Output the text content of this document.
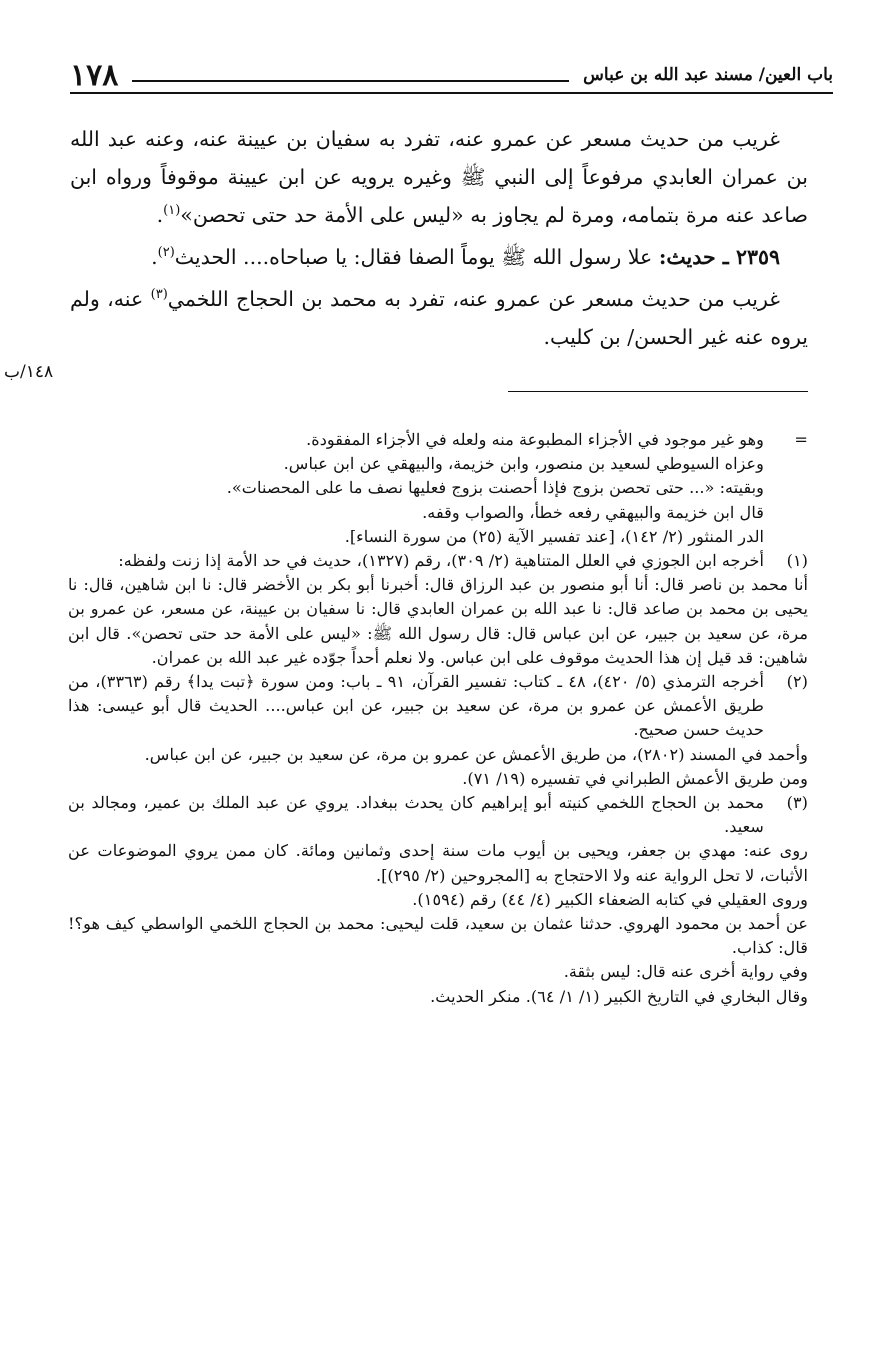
١٧٨	باب العين/ مسند عبد الله بن عباس

غريب من حديث مسعر عن عمرو عنه، تفرد به سفيان بن عيينة عنه، وعنه عبد الله بن عمران العابدي مرفوعاً إلى النبي ﷺ وغيره يرويه عن ابن عيينة موقوفاً ورواه ابن صاعد عنه مرة بتمامه، ومرة لم يجاوز به «ليس على الأمة حد حتى تحصن»$^{(١)}$.

٢٣٥٩ ـ حديث: علا رسول الله ﷺ يوماً الصفا فقال: يا صباحاه.... الحديث$^{(٢)}$.

غريب من حديث مسعر عن عمرو عنه، تفرد به محمد بن الحجاج اللخمي$^{(٣)}$ عنه، ولم يروه عنه غير الحسن/ بن كليب.

١٤٨/ب
=
وهو غير موجود في الأجزاء المطبوعة منه ولعله في الأجزاء المفقودة.
وعزاه السيوطي لسعيد بن منصور، وابن خزيمة، والبيهقي عن ابن عباس.
وبقيته: «... حتى تحصن بزوج فإذا أحصنت بزوج فعليها نصف ما على المحصنات».
قال ابن خزيمة والبيهقي رفعه خطأ، والصواب وقفه.
الدر المنثور (٢/ ١٤٢)، [عند تفسير الآية (٢٥) من سورة النساء].
(١)
أخرجه ابن الجوزي في العلل المتناهية (٢/ ٣٠٩)، رقم (١٣٢٧)، حديث في حد الأمة إذا زنت ولفظه:
أنا محمد بن ناصر قال: أنا أبو منصور بن عبد الرزاق قال: أخبرنا أبو بكر بن الأخضر قال: نا ابن شاهين، قال: نا يحيى بن محمد بن صاعد قال: نا عبد الله بن عمران العابدي قال: نا سفيان بن عيينة، عن مسعر، عن عمرو بن مرة، عن سعيد بن جبير، عن ابن عباس قال: قال رسول الله ﷺ: «ليس على الأمة حد حتى تحصن». قال ابن شاهين: قد قيل إن هذا الحديث موقوف على ابن عباس. ولا نعلم أحداً جوّده غير عبد الله بن عمران.
(٢)
أخرجه الترمذي (٥/ ٤٢٠)، ٤٨ ـ كتاب: تفسير القرآن، ٩١ ـ باب: ومن سورة ﴿تبت يدا﴾ رقم (٣٣٦٣)، من طريق الأعمش عن عمرو بن مرة، عن سعيد بن جبير، عن ابن عباس.... الحديث قال أبو عيسى: هذا حديث حسن صحيح.
وأحمد في المسند (٢٨٠٢)، من طريق الأعمش عن عمرو بن مرة، عن سعيد بن جبير، عن ابن عباس.
ومن طريق الأعمش الطبراني في تفسيره (١٩/ ٧١).
(٣)
محمد بن الحجاج اللخمي كنيته أبو إبراهيم كان يحدث ببغداد. يروي عن عبد الملك بن عمير، ومجالد بن سعيد.
روى عنه: مهدي بن جعفر، ويحيى بن أيوب مات سنة إحدى وثمانين ومائة. كان ممن يروي الموضوعات عن الأثبات، لا تحل الرواية عنه ولا الاحتجاج به [المجروحين (٢/ ٢٩٥)].
وروى العقيلي في كتابه الضعفاء الكبير (٤/ ٤٤) رقم (١٥٩٤).
عن أحمد بن محمود الهروي. حدثنا عثمان بن سعيد، قلت ليحيى: محمد بن الحجاج اللخمي الواسطي كيف هو؟! قال: كذاب.
وفي رواية أخرى عنه قال: ليس بثقة.
وقال البخاري في التاريخ الكبير (١/ ١/ ٦٤). منكر الحديث.
